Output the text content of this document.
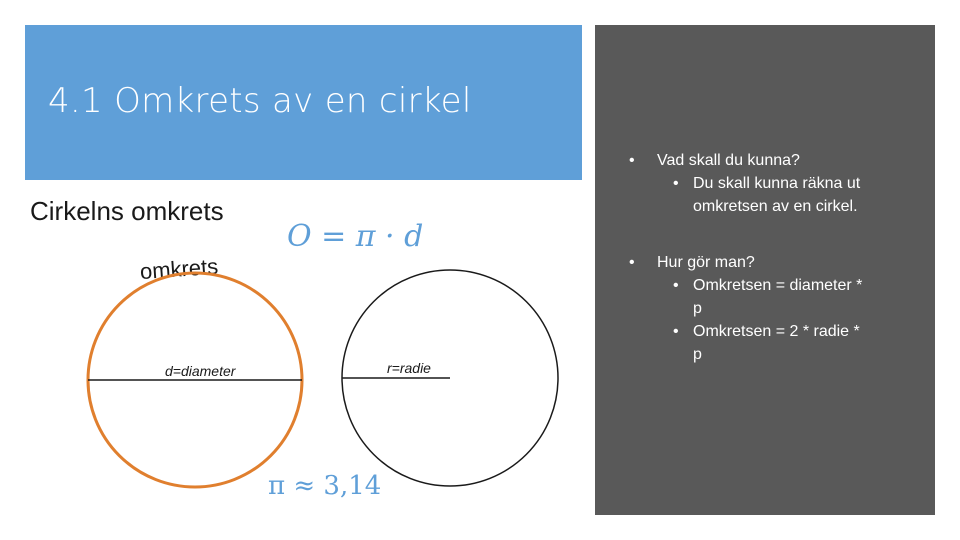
4.1 Omkrets av en cirkel
Cirkelns omkrets
O = π · d
omkrets
d=diameter	r=radie
π ≈ 3,14
• Vad skall du kunna?
• Du skall kunna räkna ut
omkretsen av en cirkel.
• Hur gör man?
• Omkretsen = diameter *
p
• Omkretsen = 2 * radie *
p
